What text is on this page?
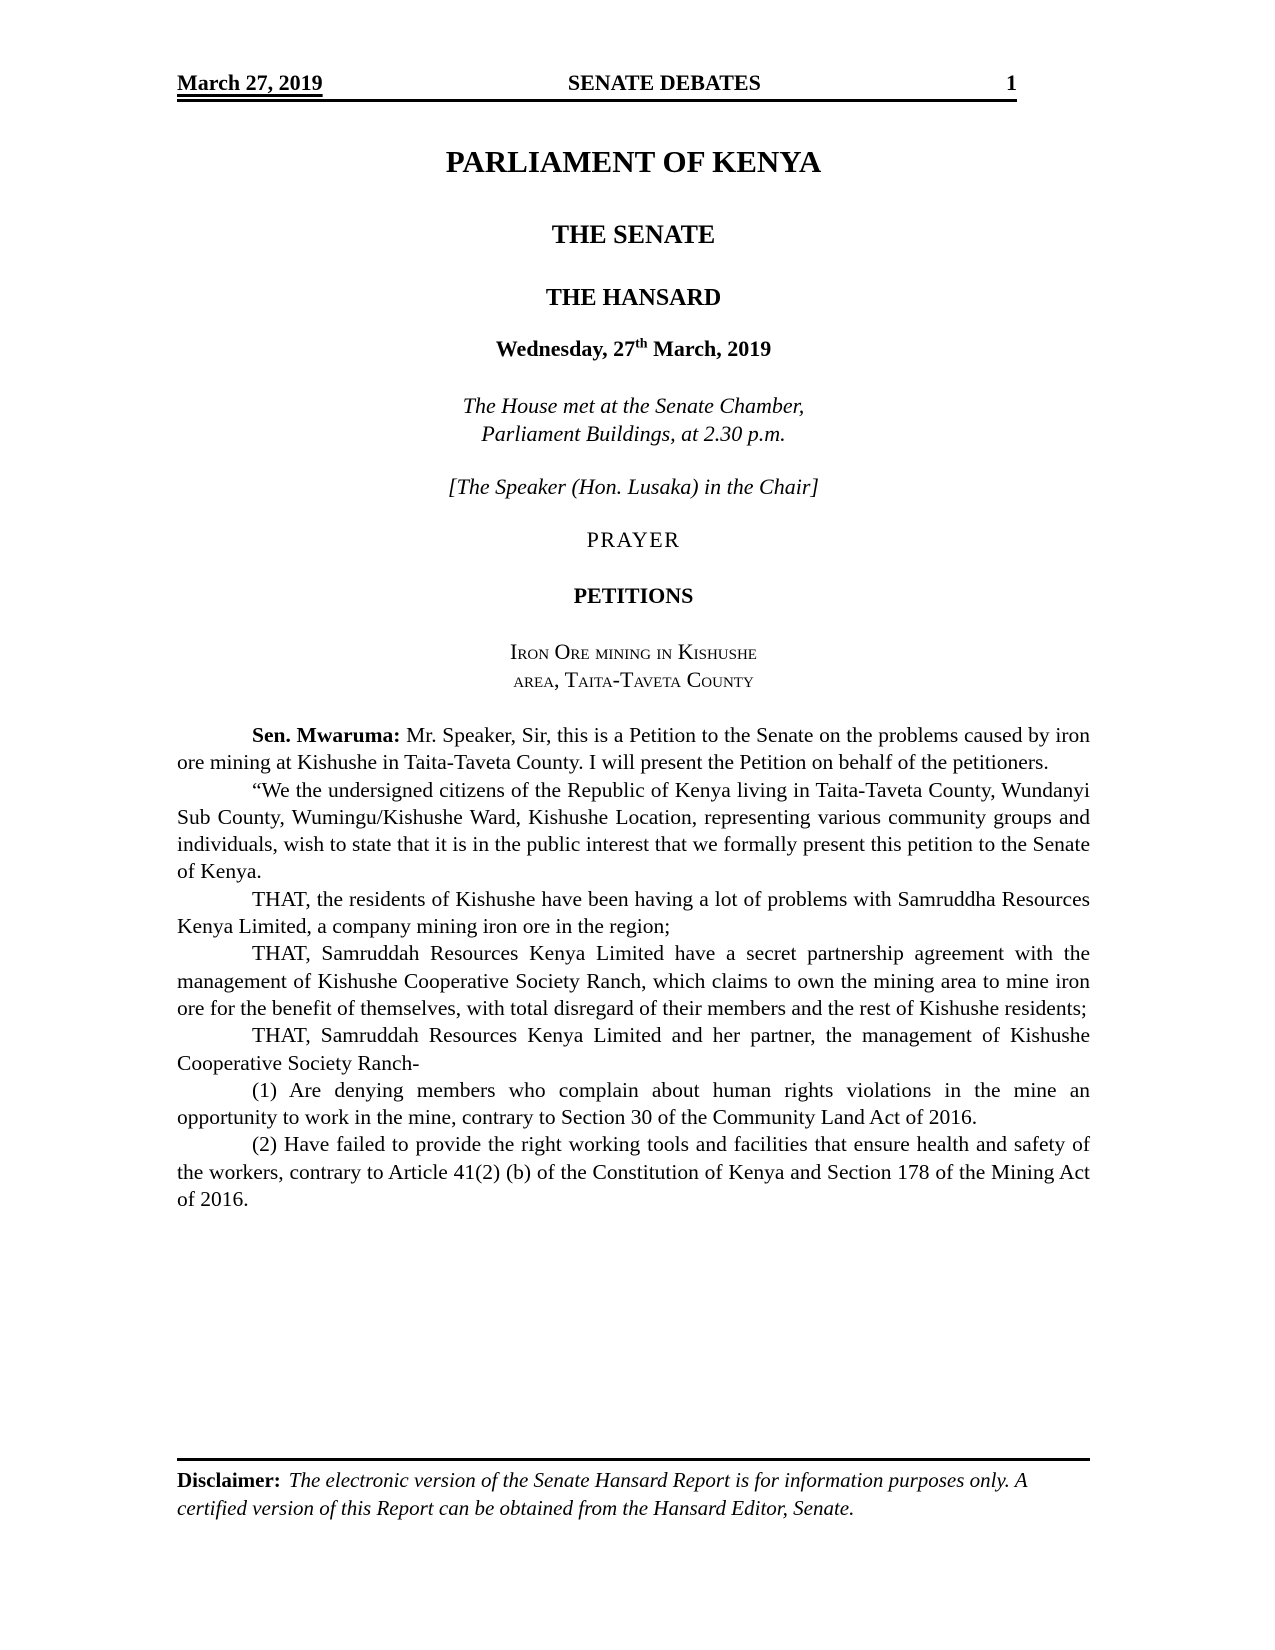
March 27, 2019	SENATE DEBATES	1
PARLIAMENT OF KENYA
THE SENATE
THE HANSARD
Wednesday, 27th March, 2019
The House met at the Senate Chamber,
Parliament Buildings, at 2.30 p.m.
[The Speaker (Hon. Lusaka) in the Chair]
PRAYER
PETITIONS
Iron Ore mining in Kishushe
area, Taita-Taveta County

Sen. Mwaruma: Mr. Speaker, Sir, this is a Petition to the Senate on the problems caused by iron ore mining at Kishushe in Taita-Taveta County. I will present the Petition on behalf of the petitioners.

“We the undersigned citizens of the Republic of Kenya living in Taita-Taveta County, Wundanyi Sub County, Wumingu/Kishushe Ward, Kishushe Location, representing various community groups and individuals, wish to state that it is in the public interest that we formally present this petition to the Senate of Kenya.

THAT, the residents of Kishushe have been having a lot of problems with Samruddha Resources Kenya Limited, a company mining iron ore in the region;

THAT, Samruddah Resources Kenya Limited have a secret partnership agreement with the management of Kishushe Cooperative Society Ranch, which claims to own the mining area to mine iron ore for the benefit of themselves, with total disregard of their members and the rest of Kishushe residents;

THAT, Samruddah Resources Kenya Limited and her partner, the management of Kishushe Cooperative Society Ranch-

(1) Are denying members who complain about human rights violations in the mine an opportunity to work in the mine, contrary to Section 30 of the Community Land Act of 2016.

(2) Have failed to provide the right working tools and facilities that ensure health and safety of the workers, contrary to Article 41(2) (b) of the Constitution of Kenya and Section 178 of the Mining Act of 2016.

Disclaimer: The electronic version of the Senate Hansard Report is for information purposes only. A certified version of this Report can be obtained from the Hansard Editor, Senate.
